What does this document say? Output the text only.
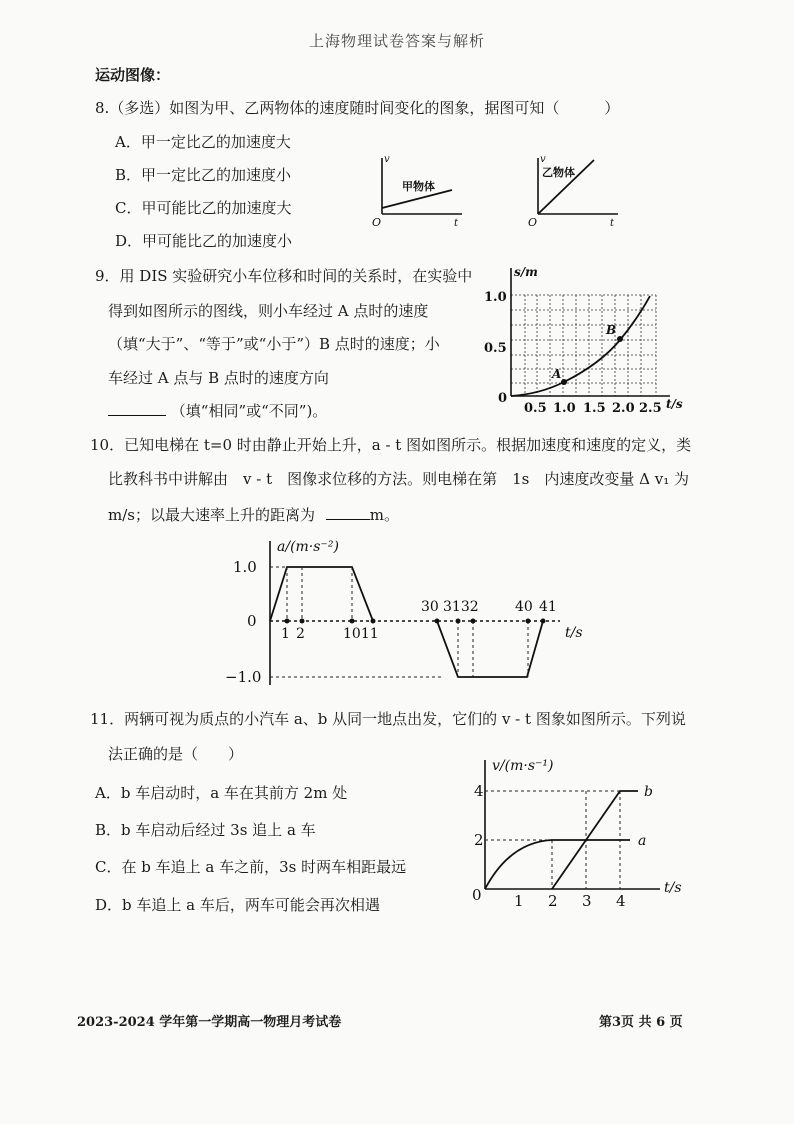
上海物理试卷答案与解析
运动图像：
8.（多选）如图为甲、乙两物体的速度随时间变化的图象，据图可知（　　　）
A．甲一定比乙的加速度大
B．甲一定比乙的加速度小
C．甲可能比乙的加速度大
D．甲可能比乙的加速度小
v
t
O
甲物体
v
t
O
乙物体
9．用 DIS 实验研究小车位移和时间的关系时，在实验中
得到如图所示的图线，则小车经过 A 点时的速度
（填“大于”、“等于”或“小于”）B 点时的速度；小
车经过 A 点与 B 点时的速度方向
（填“相同”或“不同”)。
A
B
s/m
t/s
1.0
0.5
0
0.5 1.0 1.5 2.0 2.5
10．已知电梯在 t=0 时由静止开始上升，a - t 图如图所示。根据加速度和速度的定义，类
比教科书中讲解由　v - t　图像求位移的方法。则电梯在第　1s　内速度改变量 Δ v₁ 为
m/s；以最大速率上升的距离为	m。
a/(m·s⁻²)
t/s
1.0
0
−1.0
1 2	1011
30 3132	40 41
11．两辆可视为质点的小汽车 a、b 从同一地点出发，它们的 v - t 图象如图所示。下列说
法正确的是（　　）
A．b 车启动时，a 车在其前方 2m 处
B．b 车启动后经过 3s 追上 a 车
C．在 b 车追上 a 车之前，3s 时两车相距最远
D．b 车追上 a 车后，两车可能会再次相遇
v/(m·s⁻¹)
t/s
4
2
0 1 2 3 4
a
b
2023-2024 学年第一学期高一物理月考试卷	第3页 共 6 页
